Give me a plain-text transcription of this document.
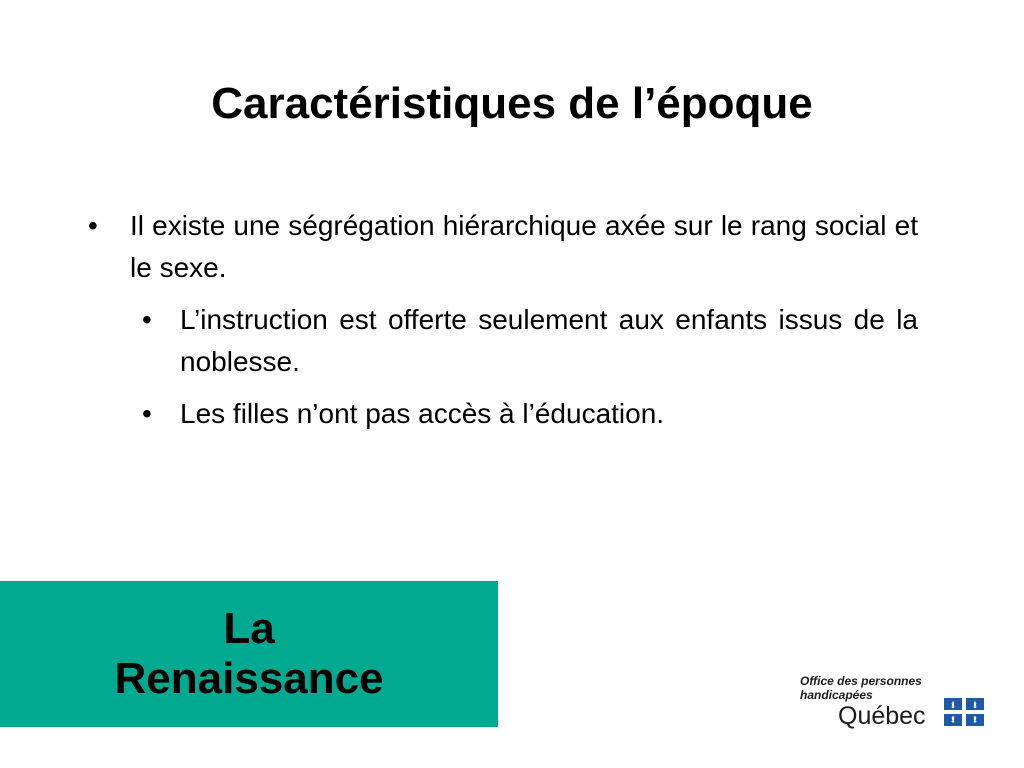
Caractéristiques de l’époque
• Il existe une ségrégation hiérarchique axée sur le rang social et le sexe.
• L’instruction est offerte seulement aux enfants issus de la noblesse.
• Les filles n’ont pas accès à l’éducation.
La
Renaissance	Office des personnes
handicapées
Québec
